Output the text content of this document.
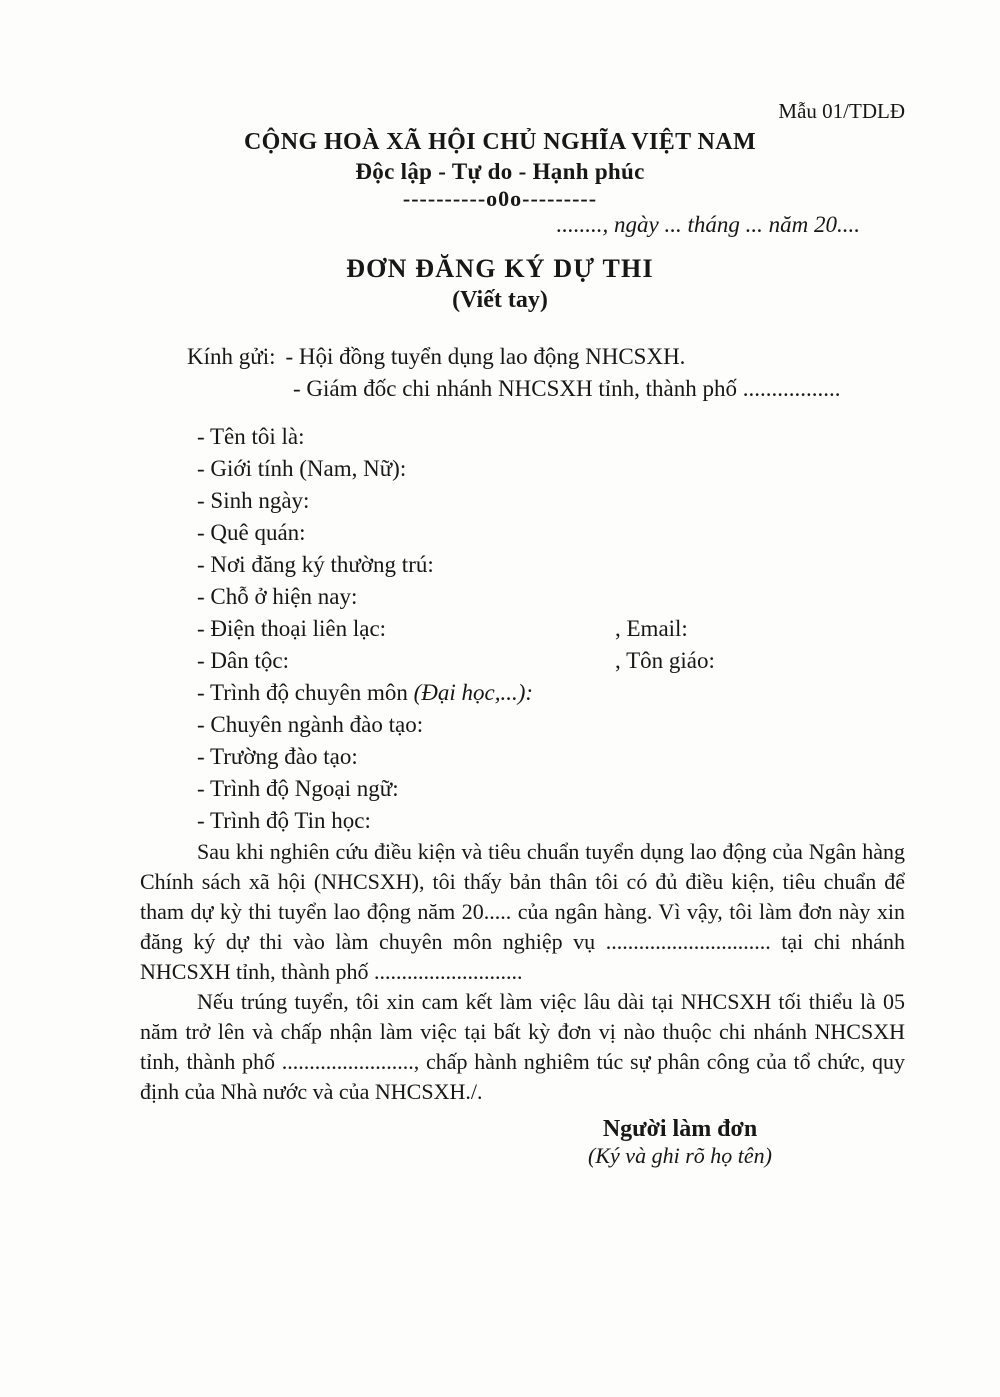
Mẫu 01/TDLĐ
CỘNG HOÀ XÃ HỘI CHỦ NGHĨA VIỆT NAM
Độc lập - Tự do - Hạnh phúc
----------o0o---------
........, ngày ... tháng ... năm 20....
ĐƠN ĐĂNG KÝ DỰ THI
(Viết tay)
Kính gửi: - Hội đồng tuyển dụng lao động NHCSXH.
- Giám đốc chi nhánh NHCSXH tỉnh, thành phố .................
- Tên tôi là:
- Giới tính (Nam, Nữ):
- Sinh ngày:
- Quê quán:
- Nơi đăng ký thường trú:
- Chỗ ở hiện nay:
- Điện thoại liên lạc:	, Email:
- Dân tộc:	, Tôn giáo:
- Trình độ chuyên môn (Đại học,...):
- Chuyên ngành đào tạo:
- Trường đào tạo:
- Trình độ Ngoại ngữ:
- Trình độ Tin học:

Sau khi nghiên cứu điều kiện và tiêu chuẩn tuyển dụng lao động của Ngân hàng Chính sách xã hội (NHCSXH), tôi thấy bản thân tôi có đủ điều kiện, tiêu chuẩn để tham dự kỳ thi tuyển lao động năm 20..... của ngân hàng. Vì vậy, tôi làm đơn này xin đăng ký dự thi vào làm chuyên môn nghiệp vụ .............................. tại chi nhánh NHCSXH tỉnh, thành phố ...........................

Nếu trúng tuyển, tôi xin cam kết làm việc lâu dài tại NHCSXH tối thiểu là 05 năm trở lên và chấp nhận làm việc tại bất kỳ đơn vị nào thuộc chi nhánh NHCSXH tỉnh, thành phố ........................, chấp hành nghiêm túc sự phân công của tổ chức, quy định của Nhà nước và của NHCSXH./.

Người làm đơn
(Ký và ghi rõ họ tên)
